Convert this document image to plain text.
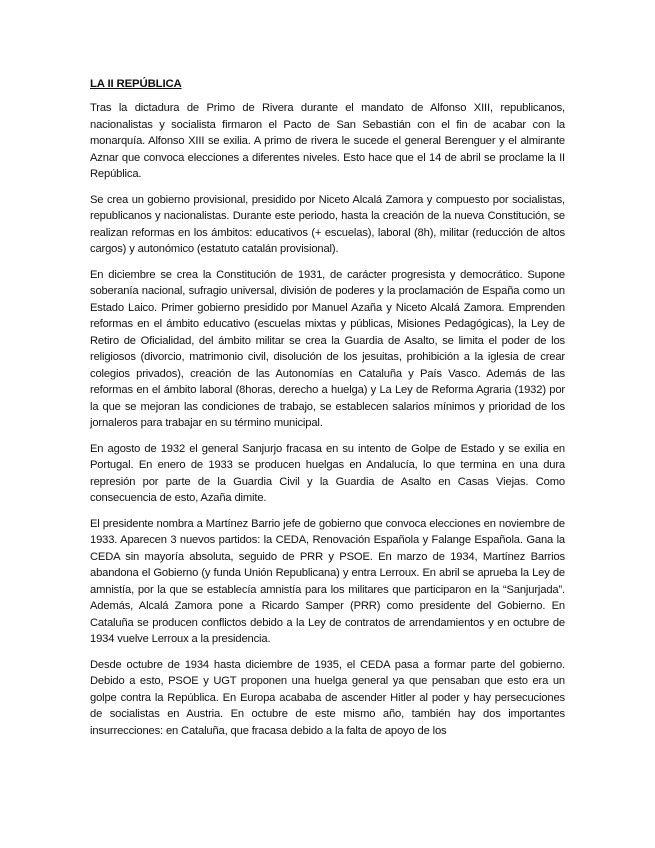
LA II REPÚBLICA

Tras la dictadura de Primo de Rivera durante el mandato de Alfonso XIII, republicanos, nacionalistas y socialista firmaron el Pacto de San Sebastián con el fin de acabar con la monarquía. Alfonso XIII se exilia. A primo de rivera le sucede el general Berenguer y el almirante Aznar que convoca elecciones a diferentes niveles. Esto hace que el 14 de abril se proclame la II República.

Se crea un gobierno provisional, presidido por Niceto Alcalá Zamora y compuesto por socialistas, republicanos y nacionalistas. Durante este periodo, hasta la creación de la nueva Constitución, se realizan reformas en los ámbitos: educativos (+ escuelas), laboral (8h), militar (reducción de altos cargos) y autonómico (estatuto catalán provisional).

En diciembre se crea la Constitución de 1931, de carácter progresista y democrático. Supone soberanía nacional, sufragio universal, división de poderes y la proclamación de España como un Estado Laico. Primer gobierno presidido por Manuel Azaña y Niceto Alcalá Zamora. Emprenden reformas en el ámbito educativo (escuelas mixtas y públicas, Misiones Pedagógicas), la Ley de Retiro de Oficialidad, del ámbito militar se crea la Guardia de Asalto, se limita el poder de los religiosos (divorcio, matrimonio civil, disolución de los jesuitas, prohibición a la iglesia de crear colegios privados), creación de las Autonomías en Cataluña y País Vasco. Además de las reformas en el ámbito laboral (8horas, derecho a huelga) y La Ley de Reforma Agraria (1932) por la que se mejoran las condiciones de trabajo, se establecen salarios mínimos y prioridad de los jornaleros para trabajar en su término municipal.

En agosto de 1932 el general Sanjurjo fracasa en su intento de Golpe de Estado y se exilia en Portugal. En enero de 1933 se producen huelgas en Andalucía, lo que termina en una dura represión por parte de la Guardia Civil y la Guardia de Asalto en Casas Viejas. Como consecuencia de esto, Azaña dimite.

El presidente nombra a Martínez Barrio jefe de gobierno que convoca elecciones en noviembre de 1933. Aparecen 3 nuevos partidos: la CEDA, Renovación Española y Falange Española. Gana la CEDA sin mayoría absoluta, seguido de PRR y PSOE. En marzo de 1934, Martínez Barrios abandona el Gobierno (y funda Unión Republicana) y entra Lerroux. En abril se aprueba la Ley de amnistía, por la que se establecía amnistía para los militares que participaron en la “Sanjurjada”. Además, Alcalá Zamora pone a Ricardo Samper (PRR) como presidente del Gobierno. En Cataluña se producen conflictos debido a la Ley de contratos de arrendamientos y en octubre de 1934 vuelve Lerroux a la presidencia.

Desde octubre de 1934 hasta diciembre de 1935, el CEDA pasa a formar parte del gobierno. Debido a esto, PSOE y UGT proponen una huelga general ya que pensaban que esto era un golpe contra la República. En Europa acababa de ascender Hitler al poder y hay persecuciones de socialistas en Austria. En octubre de este mismo año, también hay dos importantes insurrecciones: en Cataluña, que fracasa debido a la falta de apoyo de los
